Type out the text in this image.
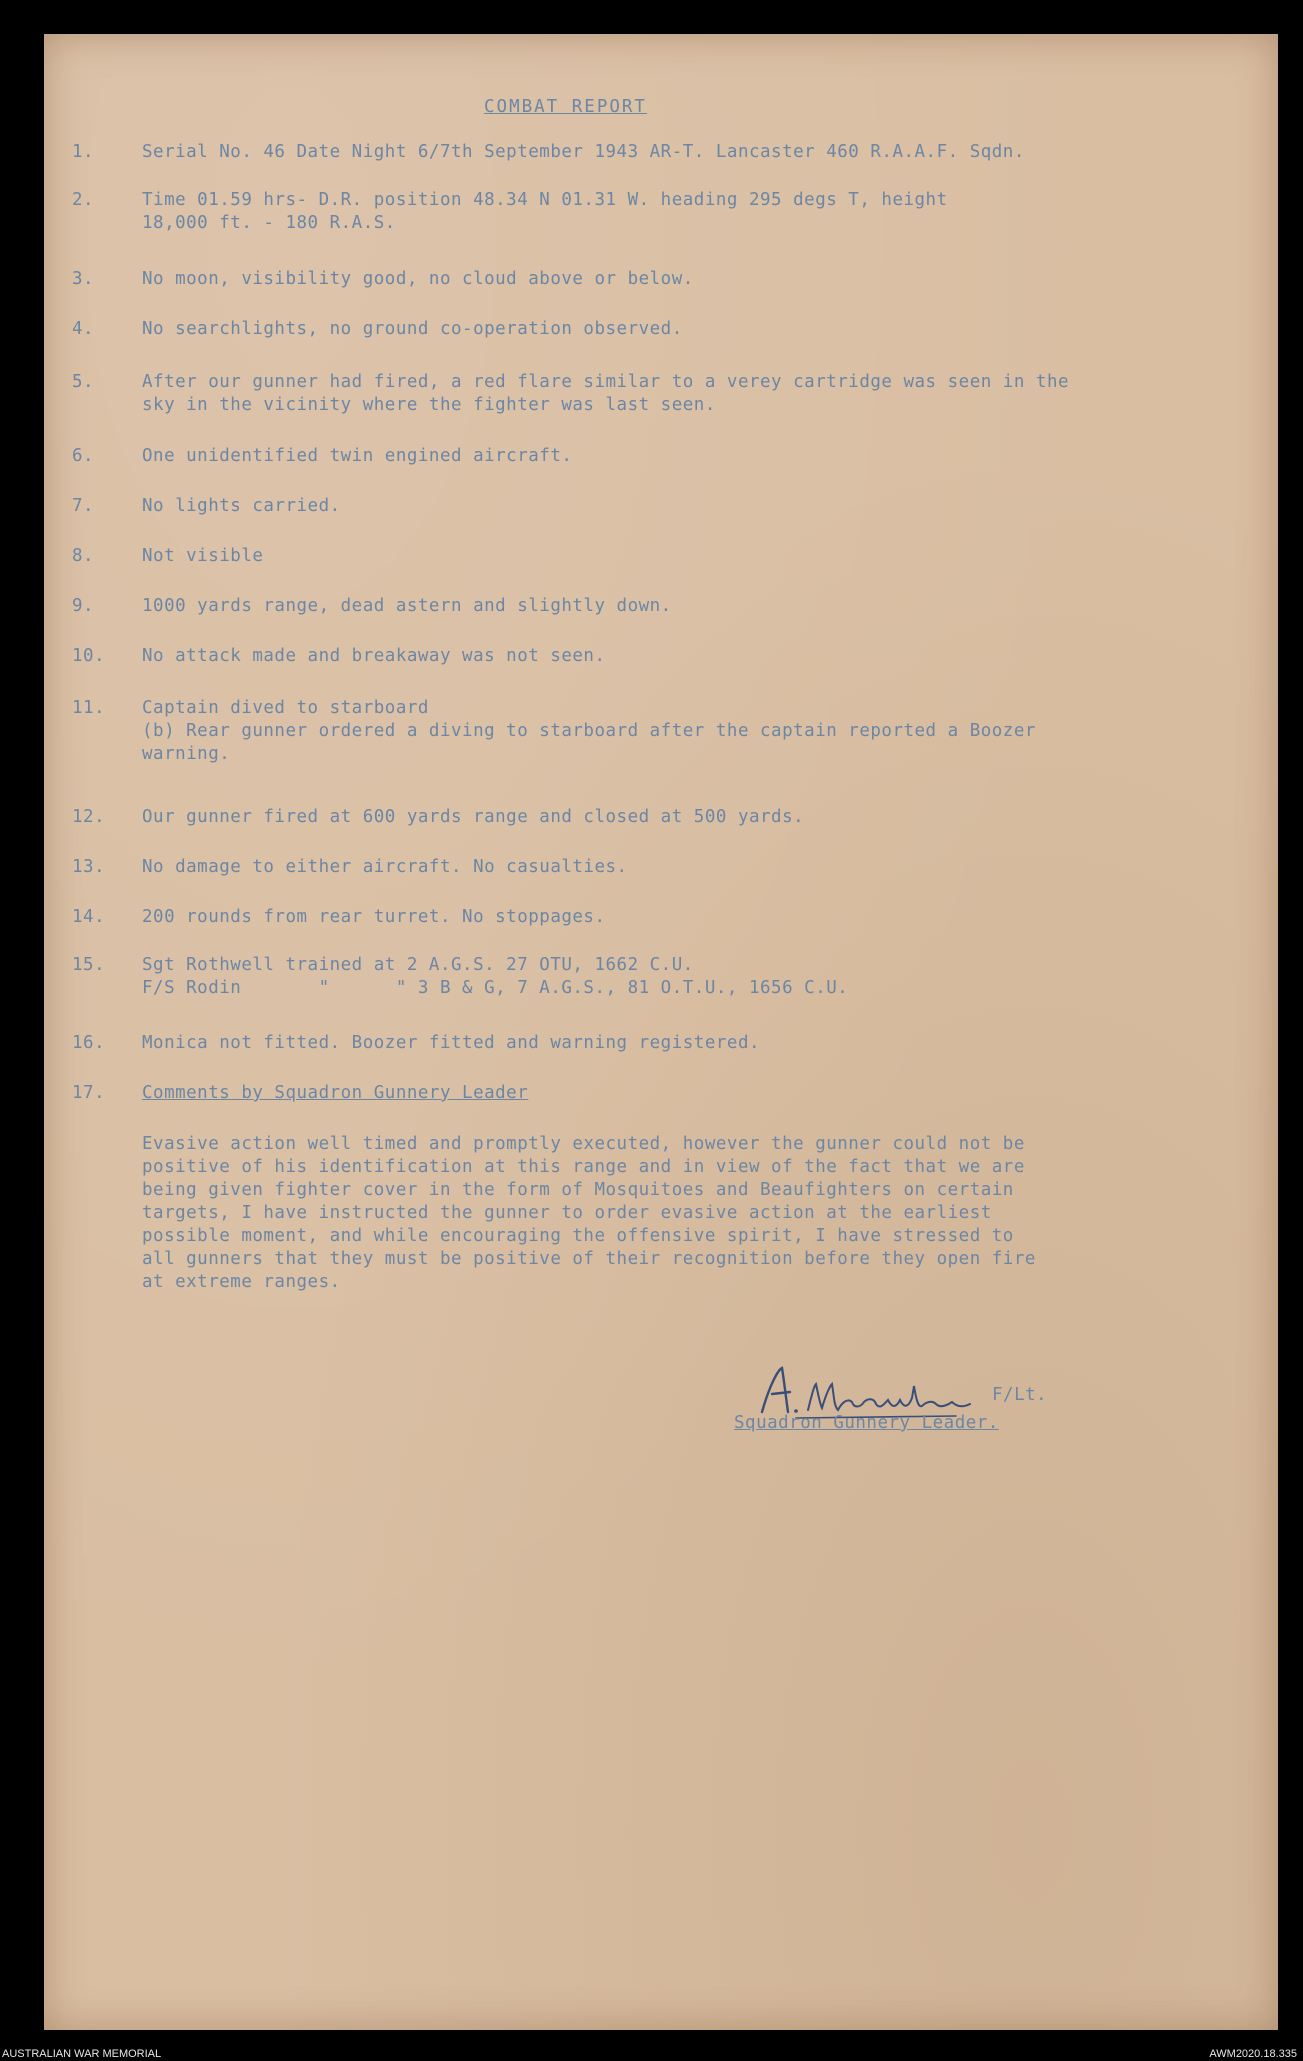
COMBAT REPORT
1.	Serial No. 46 Date Night 6/7th September 1943 AR-T. Lancaster 460 R.A.A.F. Sqdn.
2.	Time 01.59 hrs- D.R. position 48.34 N 01.31 W. heading 295 degs T, height
18,000 ft. - 180 R.A.S.
3.	No moon, visibility good, no cloud above or below.
4.	No searchlights, no ground co-operation observed.
5.	After our gunner had fired, a red flare similar to a verey cartridge was seen in the
sky in the vicinity where the fighter was last seen.
6.	One unidentified twin engined aircraft.
7.	No lights carried.
8.	Not visible
9.	1000 yards range, dead astern and slightly down.
10.	No attack made and breakaway was not seen.
11.	Captain dived to starboard
(b) Rear gunner ordered a diving to starboard after the captain reported a Boozer
warning.
12.	Our gunner fired at 600 yards range and closed at 500 yards.
13.	No damage to either aircraft. No casualties.
14.	200 rounds from rear turret. No stoppages.
15.	Sgt Rothwell trained at 2 A.G.S. 27 OTU, 1662 C.U.
F/S Rodin       "      " 3 B & G, 7 A.G.S., 81 O.T.U., 1656 C.U.
16.	Monica not fitted. Boozer fitted and warning registered.
17.	Comments by Squadron Gunnery Leader
Evasive action well timed and promptly executed, however the gunner could not be
positive of his identification at this range and in view of the fact that we are
being given fighter cover in the form of Mosquitoes and Beaufighters on certain
targets, I have instructed the gunner to order evasive action at the earliest
possible moment, and while encouraging the offensive spirit, I have stressed to
all gunners that they must be positive of their recognition before they open fire
at extreme ranges.
F/Lt.
Squadron Gunnery Leader.
AUSTRALIAN WAR MEMORIAL	AWM2020.18.335
